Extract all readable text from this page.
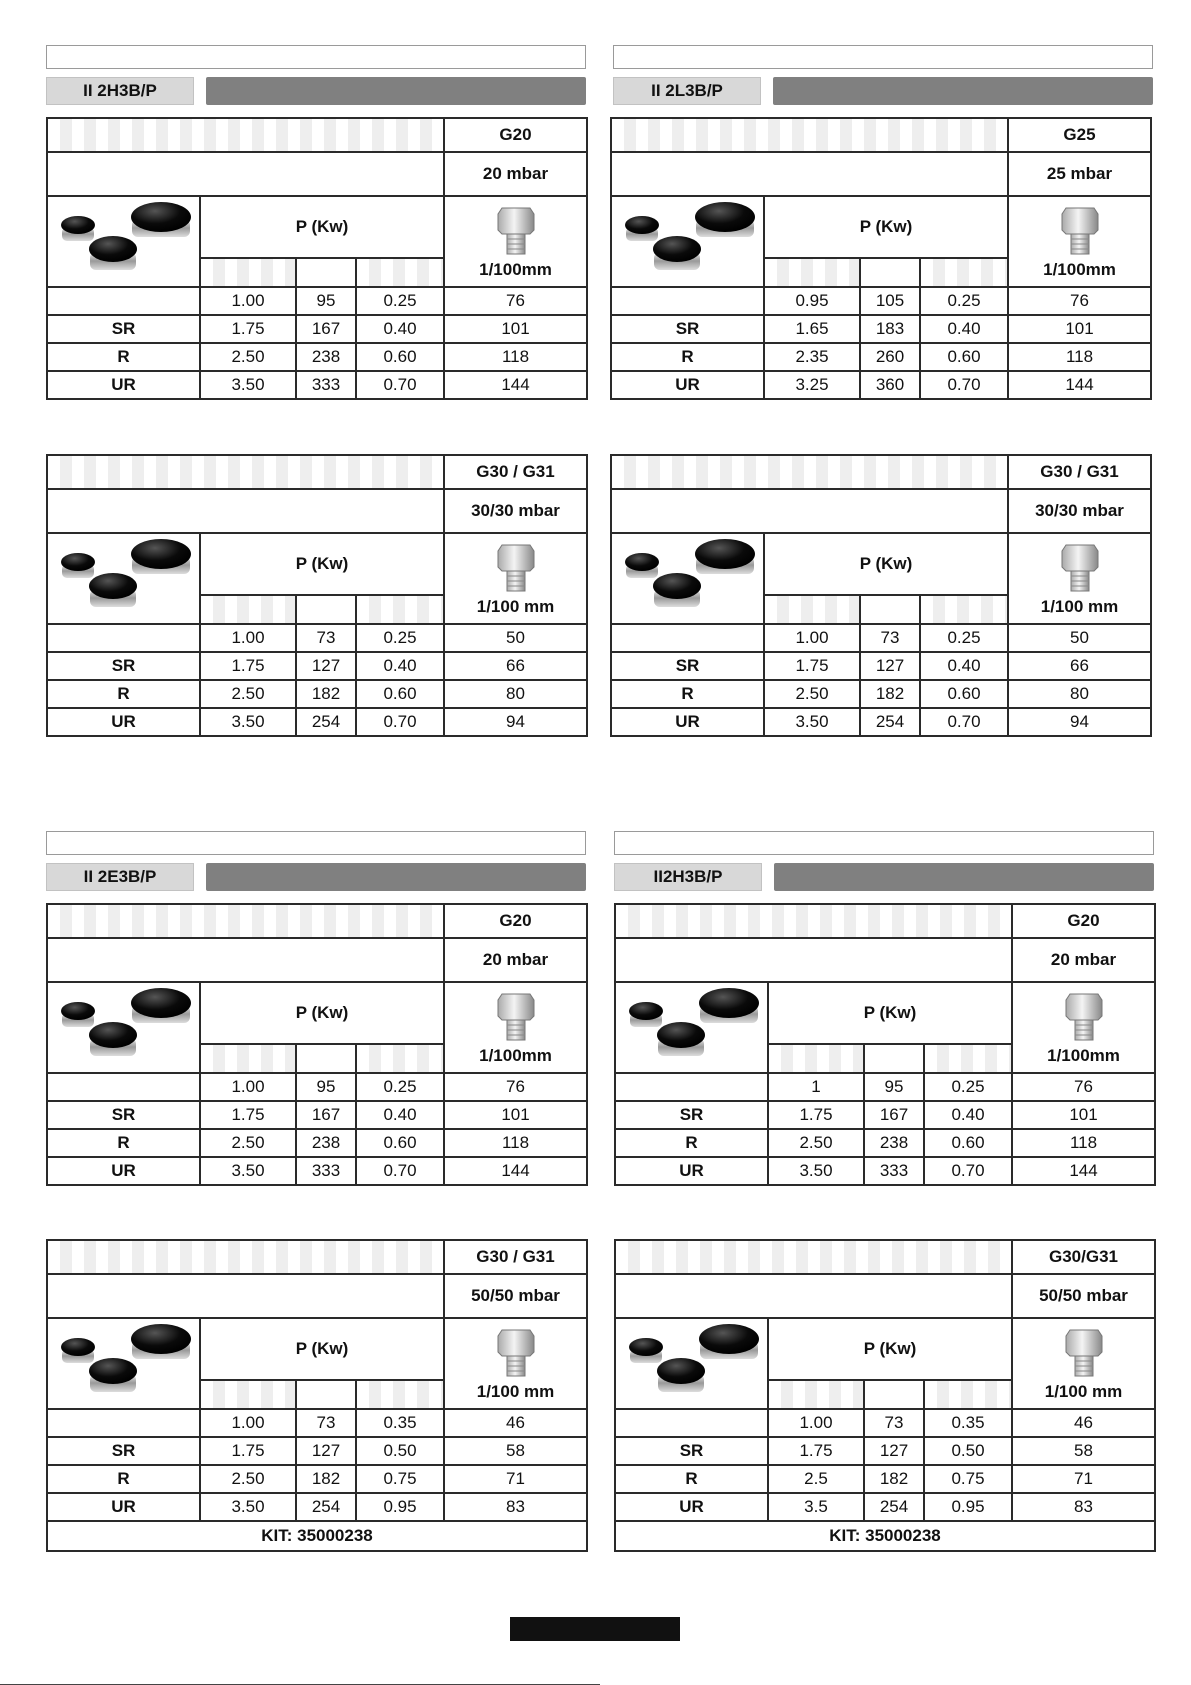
II 2H3B/P
				G20
				20 mbar
	P (Kw)			1/100mm

	1.00	95	0.25	76
SR	1.75	167	0.40	101
R	2.50	238	0.60	118
UR	3.50	333	0.70	144
				G30 / G31
				30/30 mbar
	P (Kw)			1/100 mm

	1.00	73	0.25	50
SR	1.75	127	0.40	66
R	2.50	182	0.60	80
UR	3.50	254	0.70	94
II 2L3B/P
				G25
				25 mbar
	P (Kw)			1/100mm

	0.95	105	0.25	76
SR	1.65	183	0.40	101
R	2.35	260	0.60	118
UR	3.25	360	0.70	144
				G30 / G31
				30/30 mbar
	P (Kw)			1/100 mm

	1.00	73	0.25	50
SR	1.75	127	0.40	66
R	2.50	182	0.60	80
UR	3.50	254	0.70	94
II 2E3B/P
				G20
				20 mbar
	P (Kw)			1/100mm

	1.00	95	0.25	76
SR	1.75	167	0.40	101
R	2.50	238	0.60	118
UR	3.50	333	0.70	144
				G30 / G31
				50/50 mbar
	P (Kw)			1/100 mm

	1.00	73	0.35	46
SR	1.75	127	0.50	58
R	2.50	182	0.75	71
UR	3.50	254	0.95	83
KIT: 35000238				
II2H3B/P
				G20
				20 mbar
	P (Kw)			1/100mm

	1	95	0.25	76
SR	1.75	167	0.40	101
R	2.50	238	0.60	118
UR	3.50	333	0.70	144
				G30/G31
				50/50 mbar
	P (Kw)			1/100 mm

	1.00	73	0.35	46
SR	1.75	127	0.50	58
R	2.5	182	0.75	71
UR	3.5	254	0.95	83
KIT: 35000238				
